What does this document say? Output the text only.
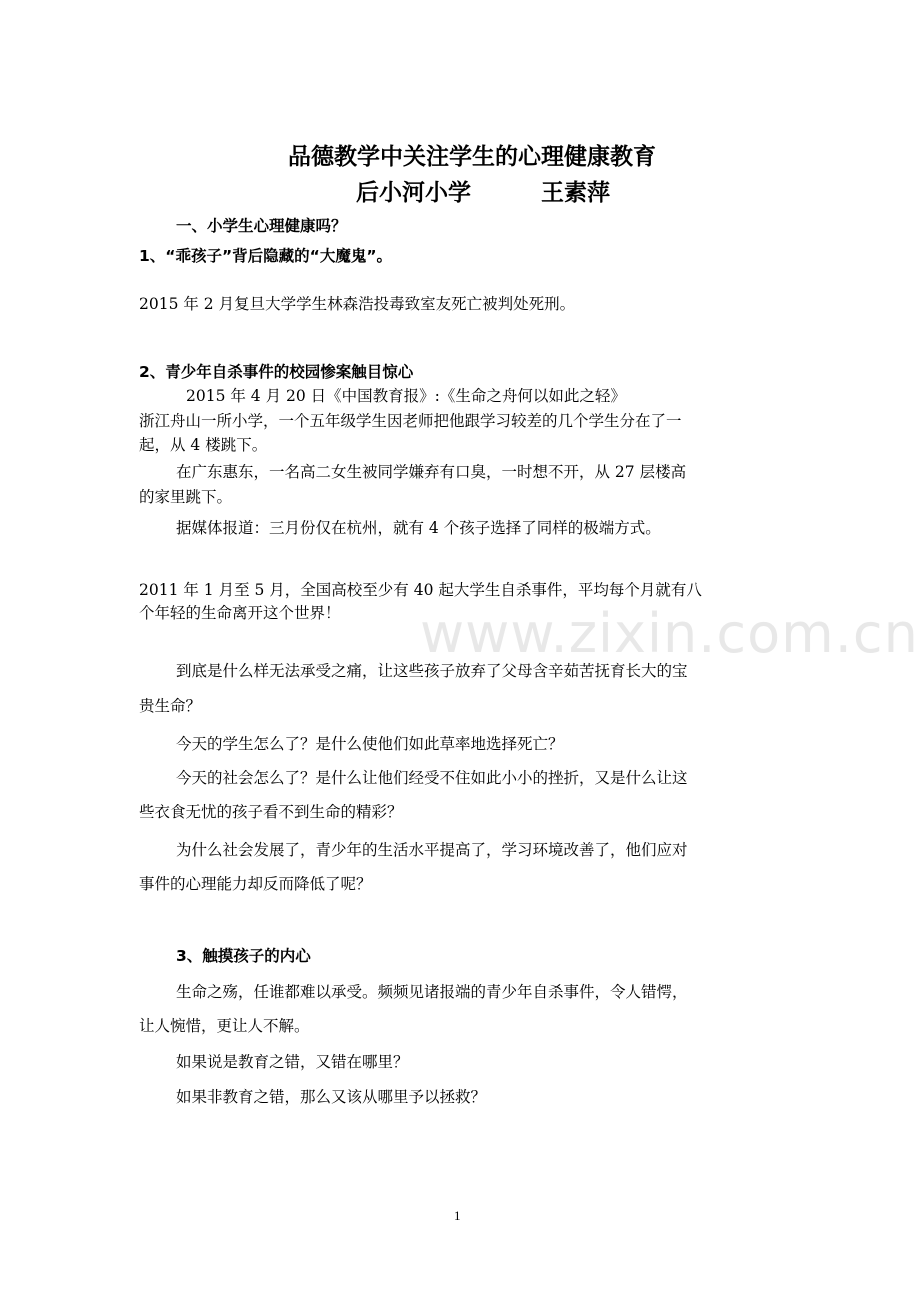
品德教学中关注学生的心理健康教育
后小河小学	王素萍
一、小学生心理健康吗？
1、“乖孩子”背后隐藏的“大魔鬼”。
2015 年 2 月复旦大学学生林森浩投毒致室友死亡被判处死刑。
2、青少年自杀事件的校园惨案触目惊心
2015 年 4 月 20 日《中国教育报》:《生命之舟何以如此之轻》
浙江舟山一所小学，一个五年级学生因老师把他跟学习较差的几个学生分在了一
起，从 4 楼跳下。
在广东惠东，一名高二女生被同学嫌弃有口臭，一时想不开，从 27 层楼高
的家里跳下。
据媒体报道：三月份仅在杭州，就有 4 个孩子选择了同样的极端方式。
2011 年 1 月至 5 月，全国高校至少有 40 起大学生自杀事件，平均每个月就有八
个年轻的生命离开这个世界！
到底是什么样无法承受之痛，让这些孩子放弃了父母含辛茹苦抚育长大的宝
贵生命？
今天的学生怎么了？是什么使他们如此草率地选择死亡？
今天的社会怎么了？是什么让他们经受不住如此小小的挫折，又是什么让这
些衣食无忧的孩子看不到生命的精彩？
为什么社会发展了，青少年的生活水平提高了，学习环境改善了，他们应对
事件的心理能力却反而降低了呢？
3、触摸孩子的内心
生命之殇，任谁都难以承受。频频见诸报端的青少年自杀事件，令人错愕，
让人惋惜，更让人不解。
如果说是教育之错，又错在哪里？
如果非教育之错，那么又该从哪里予以拯救？
www.zixin.com.cn
1
